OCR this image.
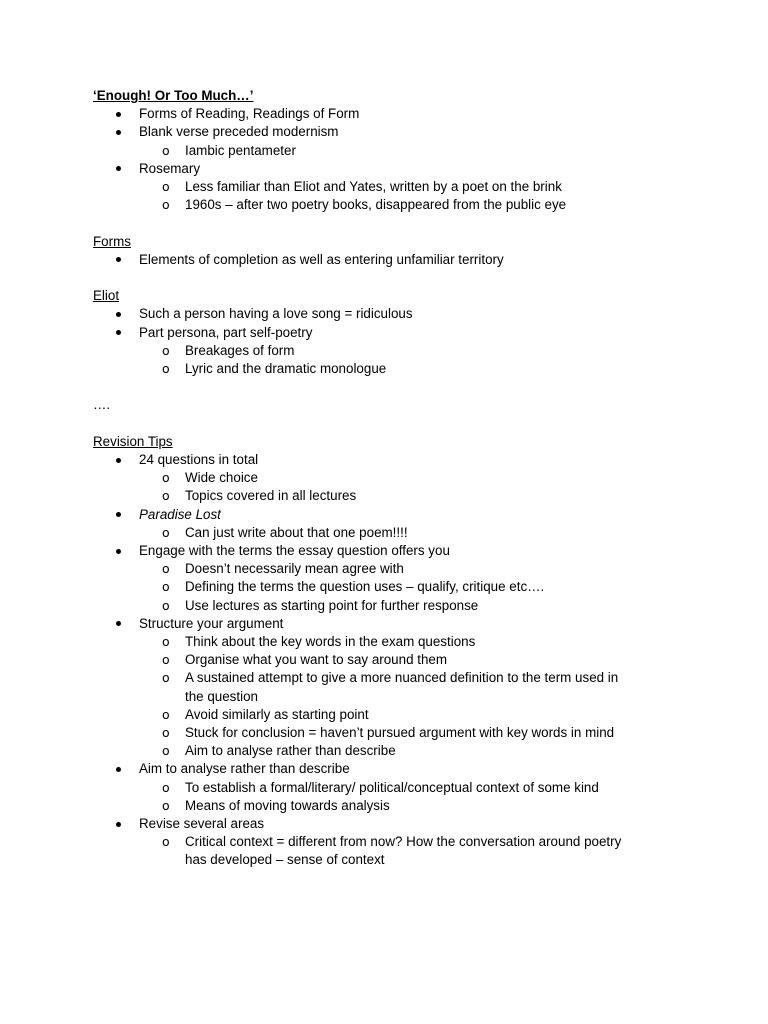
‘Enough! Or Too Much…’
Forms of Reading, Readings of Form
Blank verse preceded modernism
o Iambic pentameter
Rosemary
o Less familiar than Eliot and Yates, written by a poet on the brink
o 1960s – after two poetry books, disappeared from the public eye
Forms
Elements of completion as well as entering unfamiliar territory
Eliot
Such a person having a love song = ridiculous
Part persona, part self-poetry
o Breakages of form
o Lyric and the dramatic monologue
….
Revision Tips
24 questions in total
o Wide choice
o Topics covered in all lectures
Paradise Lost
o Can just write about that one poem!!!!
Engage with the terms the essay question offers you
o Doesn’t necessarily mean agree with
o Defining the terms the question uses – qualify, critique etc….
o Use lectures as starting point for further response
Structure your argument
o Think about the key words in the exam questions
o Organise what you want to say around them
o A sustained attempt to give a more nuanced definition to the term used in
the question
o Avoid similarly as starting point
o Stuck for conclusion = haven’t pursued argument with key words in mind
o Aim to analyse rather than describe
Aim to analyse rather than describe
o To establish a formal/literary/ political/conceptual context of some kind
o Means of moving towards analysis
Revise several areas
o Critical context = different from now? How the conversation around poetry
has developed – sense of context
